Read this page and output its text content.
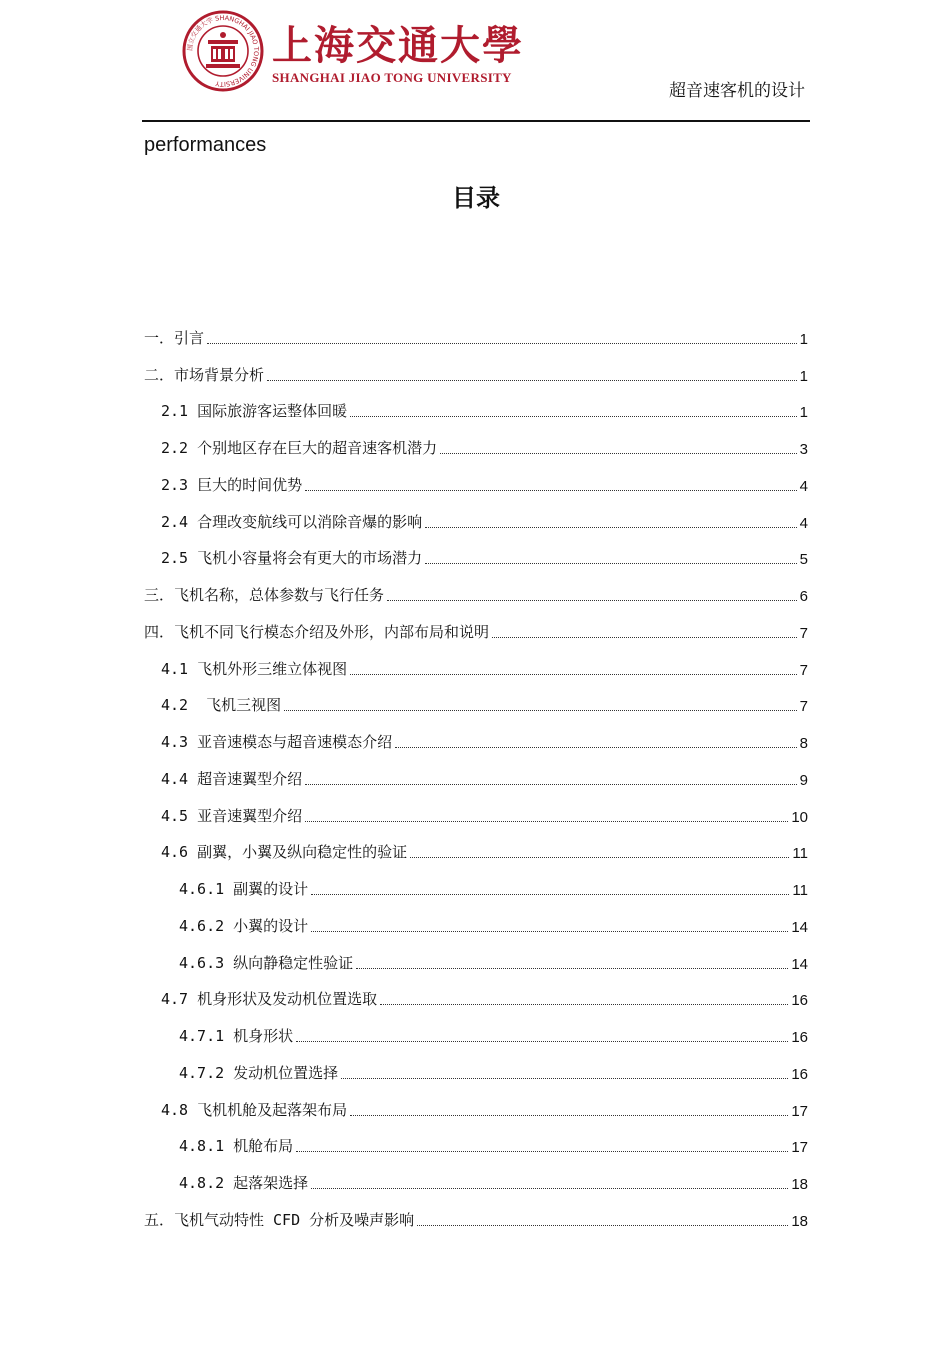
国立交通大学 SHANGHAI JIAO TONG UNIVERSITY
上海交通大學
SHANGHAI JIAO TONG UNIVERSITY
超音速客机的设计
performances
目录
一．引言	1
二．市场背景分析	1
2.1 国际旅游客运整体回暖	1
2.2 个别地区存在巨大的超音速客机潜力	3
2.3 巨大的时间优势	4
2.4 合理改变航线可以消除音爆的影响	4
2.5 飞机小容量将会有更大的市场潜力	5
三．飞机名称，总体参数与飞行任务	6
四．飞机不同飞行模态介绍及外形，内部布局和说明	7
4.1 飞机外形三维立体视图	7
4.2  飞机三视图	7
4.3 亚音速模态与超音速模态介绍	8
4.4 超音速翼型介绍	9
4.5 亚音速翼型介绍	10
4.6 副翼，小翼及纵向稳定性的验证	11
4.6.1 副翼的设计	11
4.6.2 小翼的设计	14
4.6.3 纵向静稳定性验证	14
4.7 机身形状及发动机位置选取	16
4.7.1 机身形状	16
4.7.2 发动机位置选择	16
4.8 飞机机舱及起落架布局	17
4.8.1 机舱布局	17
4.8.2 起落架选择	18
五．飞机气动特性 CFD 分析及噪声影响	18
